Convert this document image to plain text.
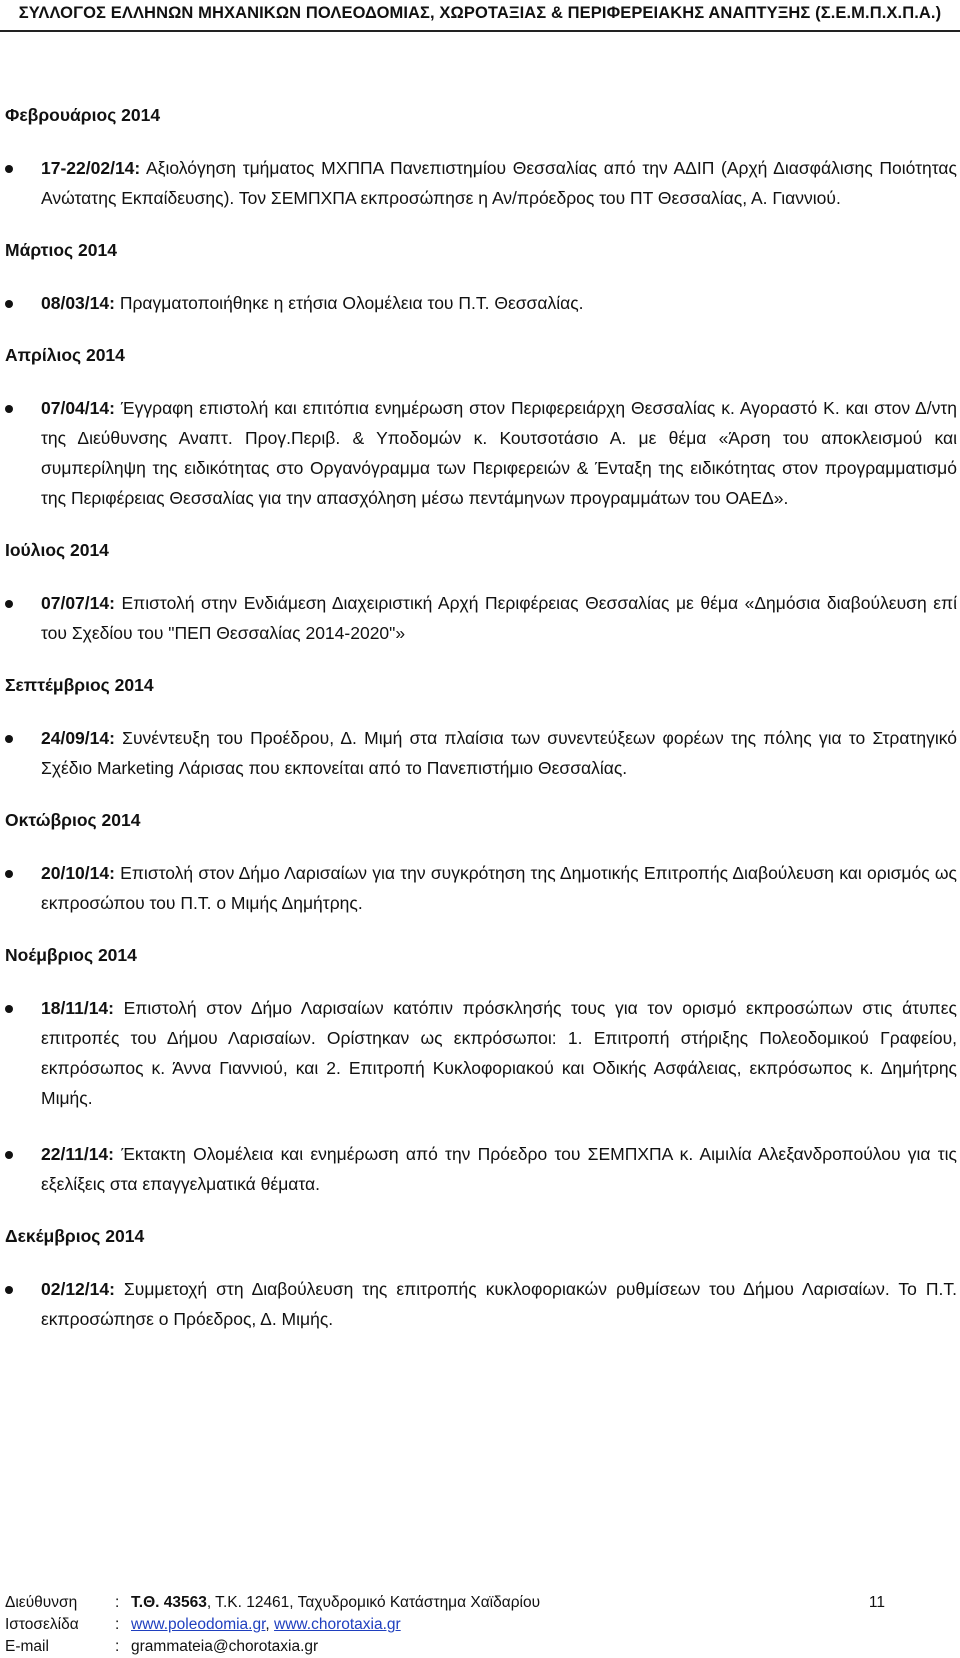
ΣΥΛΛΟΓΟΣ ΕΛΛΗΝΩΝ ΜΗΧΑΝΙΚΩΝ ΠΟΛΕΟΔΟΜΙΑΣ, ΧΩΡΟΤΑΞΙΑΣ & ΠΕΡΙΦΕΡΕΙΑΚΗΣ ΑΝΑΠΤΥΞΗΣ (Σ.Ε.Μ.Π.Χ.Π.Α.)
Φεβρουάριος 2014
17-22/02/14: Αξιολόγηση τμήματος ΜΧΠΠΑ Πανεπιστημίου Θεσσαλίας από την ΑΔΙΠ (Αρχή Διασφάλισης Ποιότητας Ανώτατης Εκπαίδευσης). Τον ΣΕΜΠΧΠΑ εκπροσώπησε η Αν/πρόεδρος του ΠΤ Θεσσαλίας, Α. Γιαννιού.
Μάρτιος 2014
08/03/14: Πραγματοποιήθηκε η ετήσια Ολομέλεια του Π.Τ. Θεσσαλίας.
Απρίλιος 2014
07/04/14: Έγγραφη επιστολή και επιτόπια ενημέρωση στον Περιφερειάρχη Θεσσαλίας κ. Αγοραστό Κ. και στον Δ/ντη της Διεύθυνσης Αναπτ. Προγ.Περιβ. & Υποδομών κ. Κουτσοτάσιο Α. με θέμα «Άρση του αποκλεισμού και συμπερίληψη της ειδικότητας στο Οργανόγραμμα των Περιφερειών & Ένταξη της ειδικότητας στον προγραμματισμό της Περιφέρειας Θεσσαλίας για την απασχόληση μέσω πεντάμηνων προγραμμάτων του ΟΑΕΔ».
Ιούλιος 2014
07/07/14: Επιστολή στην Ενδιάμεση Διαχειριστική Αρχή Περιφέρειας Θεσσαλίας με θέμα «Δημόσια διαβούλευση επί του Σχεδίου του "ΠΕΠ Θεσσαλίας 2014-2020"»
Σεπτέμβριος 2014
24/09/14: Συνέντευξη του Προέδρου, Δ. Μιμή στα πλαίσια των συνεντεύξεων φορέων της πόλης για το Στρατηγικό Σχέδιο Marketing Λάρισας που εκπονείται από το Πανεπιστήμιο Θεσσαλίας.
Οκτώβριος 2014
20/10/14: Επιστολή στον Δήμο Λαρισαίων για την συγκρότηση της Δημοτικής Επιτροπής Διαβούλευση και ορισμός ως εκπροσώπου του Π.Τ. ο Μιμής Δημήτρης.
Νοέμβριος 2014
18/11/14: Επιστολή στον Δήμο Λαρισαίων κατόπιν πρόσκλησής τους για τον ορισμό εκπροσώπων στις άτυπες επιτροπές του Δήμου Λαρισαίων. Ορίστηκαν ως εκπρόσωποι: 1. Επιτροπή στήριξης Πολεοδομικού Γραφείου, εκπρόσωπος κ. Άννα Γιαννιού, και 2. Επιτροπή Κυκλοφοριακού και Οδικής Ασφάλειας, εκπρόσωπος κ. Δημήτρης Μιμής.
22/11/14: Έκτακτη Ολομέλεια και ενημέρωση από την Πρόεδρο του ΣΕΜΠΧΠΑ κ. Αιμιλία Αλεξανδροπούλου για τις εξελίξεις στα επαγγελματικά θέματα.
Δεκέμβριος 2014
02/12/14: Συμμετοχή στη Διαβούλευση της επιτροπής κυκλοφοριακών ρυθμίσεων του Δήμου Λαρισαίων. Το Π.Τ. εκπροσώπησε ο Πρόεδρος, Δ. Μιμής.
Διεύθυνση	: Τ.Θ. 43563, Τ.Κ. 12461, Ταχυδρομικό Κατάστημα Χαϊδαρίου
Ιστοσελίδα	: www.poleodomia.gr, www.chorotaxia.gr
E-mail	: grammateia@chorotaxia.gr
11
